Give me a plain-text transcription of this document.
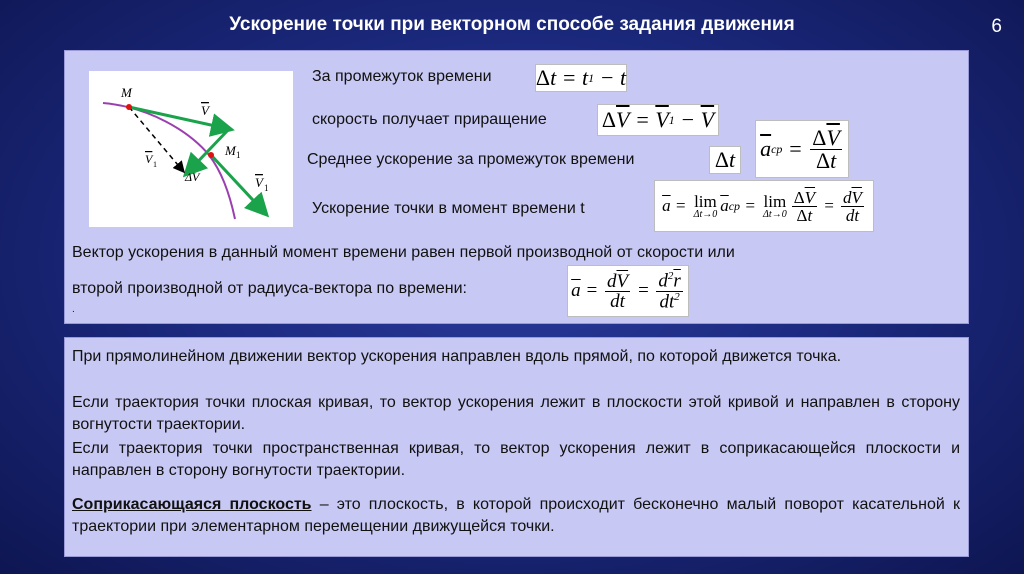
Ускорение точки при векторном способе задания движения	6
M
V
M 1
V 1
ΔV	V 1
За промежуток времени Δ t = t 1 − t
скорость получает приращение	Δ $\overline{V} = \overline{V}$ $1 - \overline{V}$
Среднее ускорение за промежуток времени	Δ t $\overline{a}$ ср = $\frac{\Delta\overline{V}}{\Delta t}$
Ускорение точки в момент времени t	$\overline{a} = \lim$
Δt→0 $\overline{a}$ ср = lim
$\Delta t\to 0 \frac{\Delta\overline{V}}{\Delta t} = \frac{d\overline{V}}{dt}$
Вектор ускорения в данный момент времени равен первой производной от скорости или
второй производной от радиуса-вектора по времени:	$\overline{a} = \frac{d\overline{V}}{dt} = \frac{d^2\overline{r}}{dt^2}$
.
При прямолинейном движении вектор ускорения направлен вдоль прямой, по которой движется точка.
Если траектория точки плоская кривая, то вектор ускорения лежит в плоскости этой кривой и направлен в сторону вогнутости траектории.
Если траектория точки пространственная кривая, то вектор ускорения лежит в соприкасающейся плоскости и направлен в сторону вогнутости траектории.
Соприкасающаяся плоскость – это плоскость, в которой происходит бесконечно малый поворот касательной к траектории при элементарном перемещении движущейся точки.
